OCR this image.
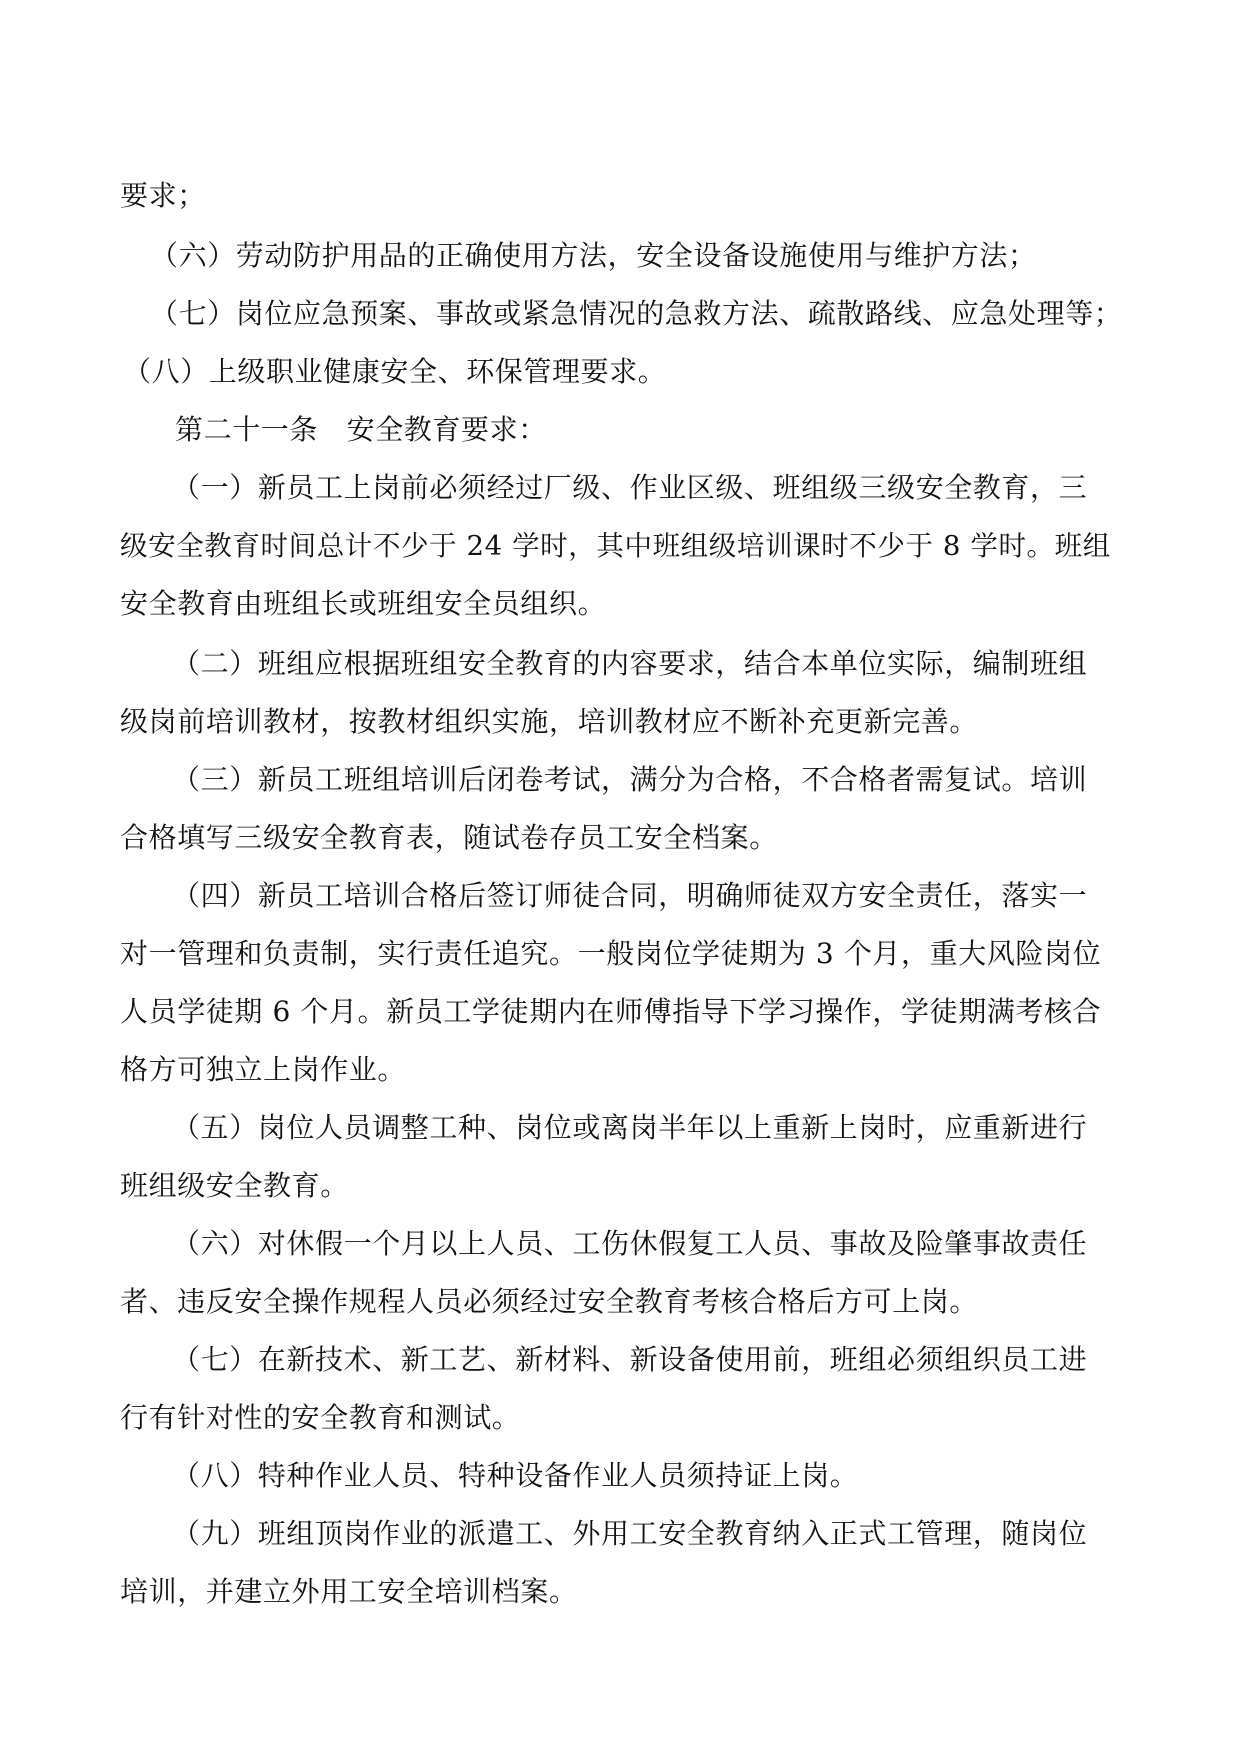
要求；
（六）劳动防护用品的正确使用方法，安全设备设施使用与维护方法；
（七）岗位应急预案、事故或紧急情况的急救方法、疏散路线、应急处理等；
（八）上级职业健康安全、环保管理要求。
第二十一条　安全教育要求：
（一）新员工上岗前必须经过厂级、作业区级、班组级三级安全教育，三
级安全教育时间总计不少于 24 学时，其中班组级培训课时不少于 8 学时。班组
安全教育由班组长或班组安全员组织。
（二）班组应根据班组安全教育的内容要求，结合本单位实际，编制班组
级岗前培训教材，按教材组织实施，培训教材应不断补充更新完善。
（三）新员工班组培训后闭卷考试，满分为合格，不合格者需复试。培训
合格填写三级安全教育表，随试卷存员工安全档案。
（四）新员工培训合格后签订师徒合同，明确师徒双方安全责任，落实一
对一管理和负责制，实行责任追究。一般岗位学徒期为 3 个月，重大风险岗位
人员学徒期 6 个月。新员工学徒期内在师傅指导下学习操作，学徒期满考核合
格方可独立上岗作业。
（五）岗位人员调整工种、岗位或离岗半年以上重新上岗时，应重新进行
班组级安全教育。
（六）对休假一个月以上人员、工伤休假复工人员、事故及险肇事故责任
者、违反安全操作规程人员必须经过安全教育考核合格后方可上岗。
（七）在新技术、新工艺、新材料、新设备使用前，班组必须组织员工进
行有针对性的安全教育和测试。
（八）特种作业人员、特种设备作业人员须持证上岗。
（九）班组顶岗作业的派遣工、外用工安全教育纳入正式工管理，随岗位
培训，并建立外用工安全培训档案。
